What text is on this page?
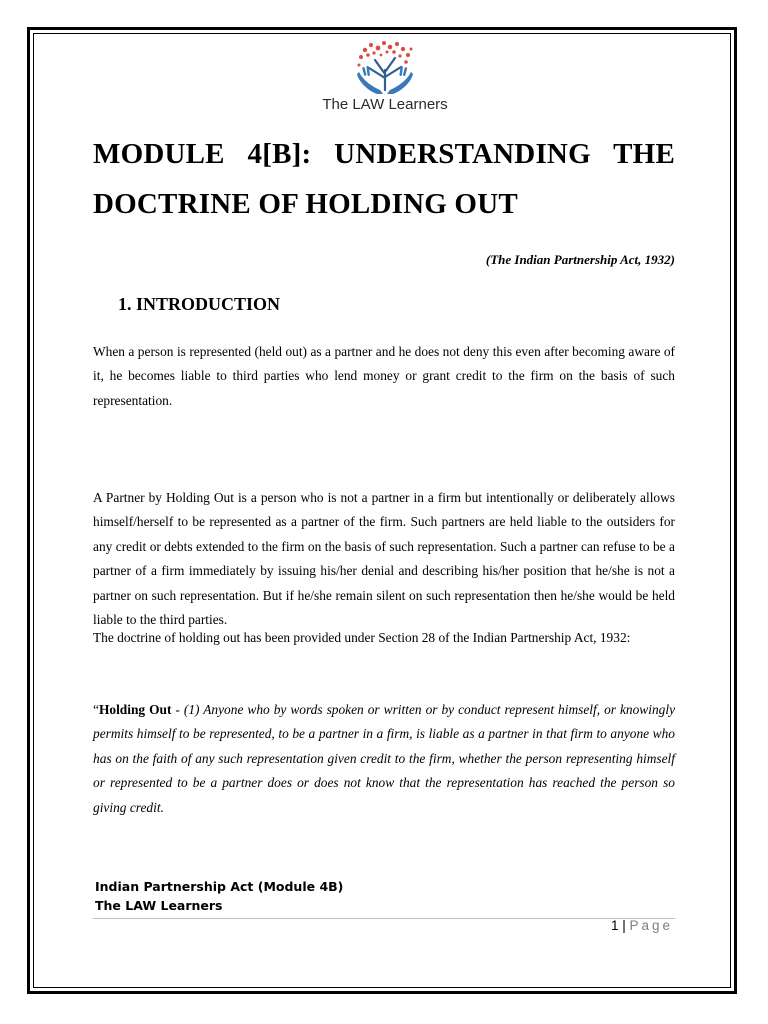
The LAW Learners
MODULE 4[B]: UNDERSTANDING THE DOCTRINE OF HOLDING OUT
(The Indian Partnership Act, 1932)
1. INTRODUCTION

When a person is represented (held out) as a partner and he does not deny this even after becoming aware of it, he becomes liable to third parties who lend money or grant credit to the firm on the basis of such representation.

A Partner by Holding Out is a person who is not a partner in a firm but intentionally or deliberately allows himself/herself to be represented as a partner of the firm. Such partners are held liable to the outsiders for any credit or debts extended to the firm on the basis of such representation. Such a partner can refuse to be a partner of a firm immediately by issuing his/her denial and describing his/her position that he/she is not a partner on such representation. But if he/she remain silent on such representation then he/she would be held liable to the third parties.

The doctrine of holding out has been provided under Section 28 of the Indian Partnership Act, 1932:

“Holding Out - (1) Anyone who by words spoken or written or by conduct represent himself, or knowingly permits himself to be represented, to be a partner in a firm, is liable as a partner in that firm to anyone who has on the faith of any such representation given credit to the firm, whether the person representing himself or represented to be a partner does or does not know that the representation has reached the person so giving credit.

Indian Partnership Act (Module 4B)
The LAW Learners
1 | Page
